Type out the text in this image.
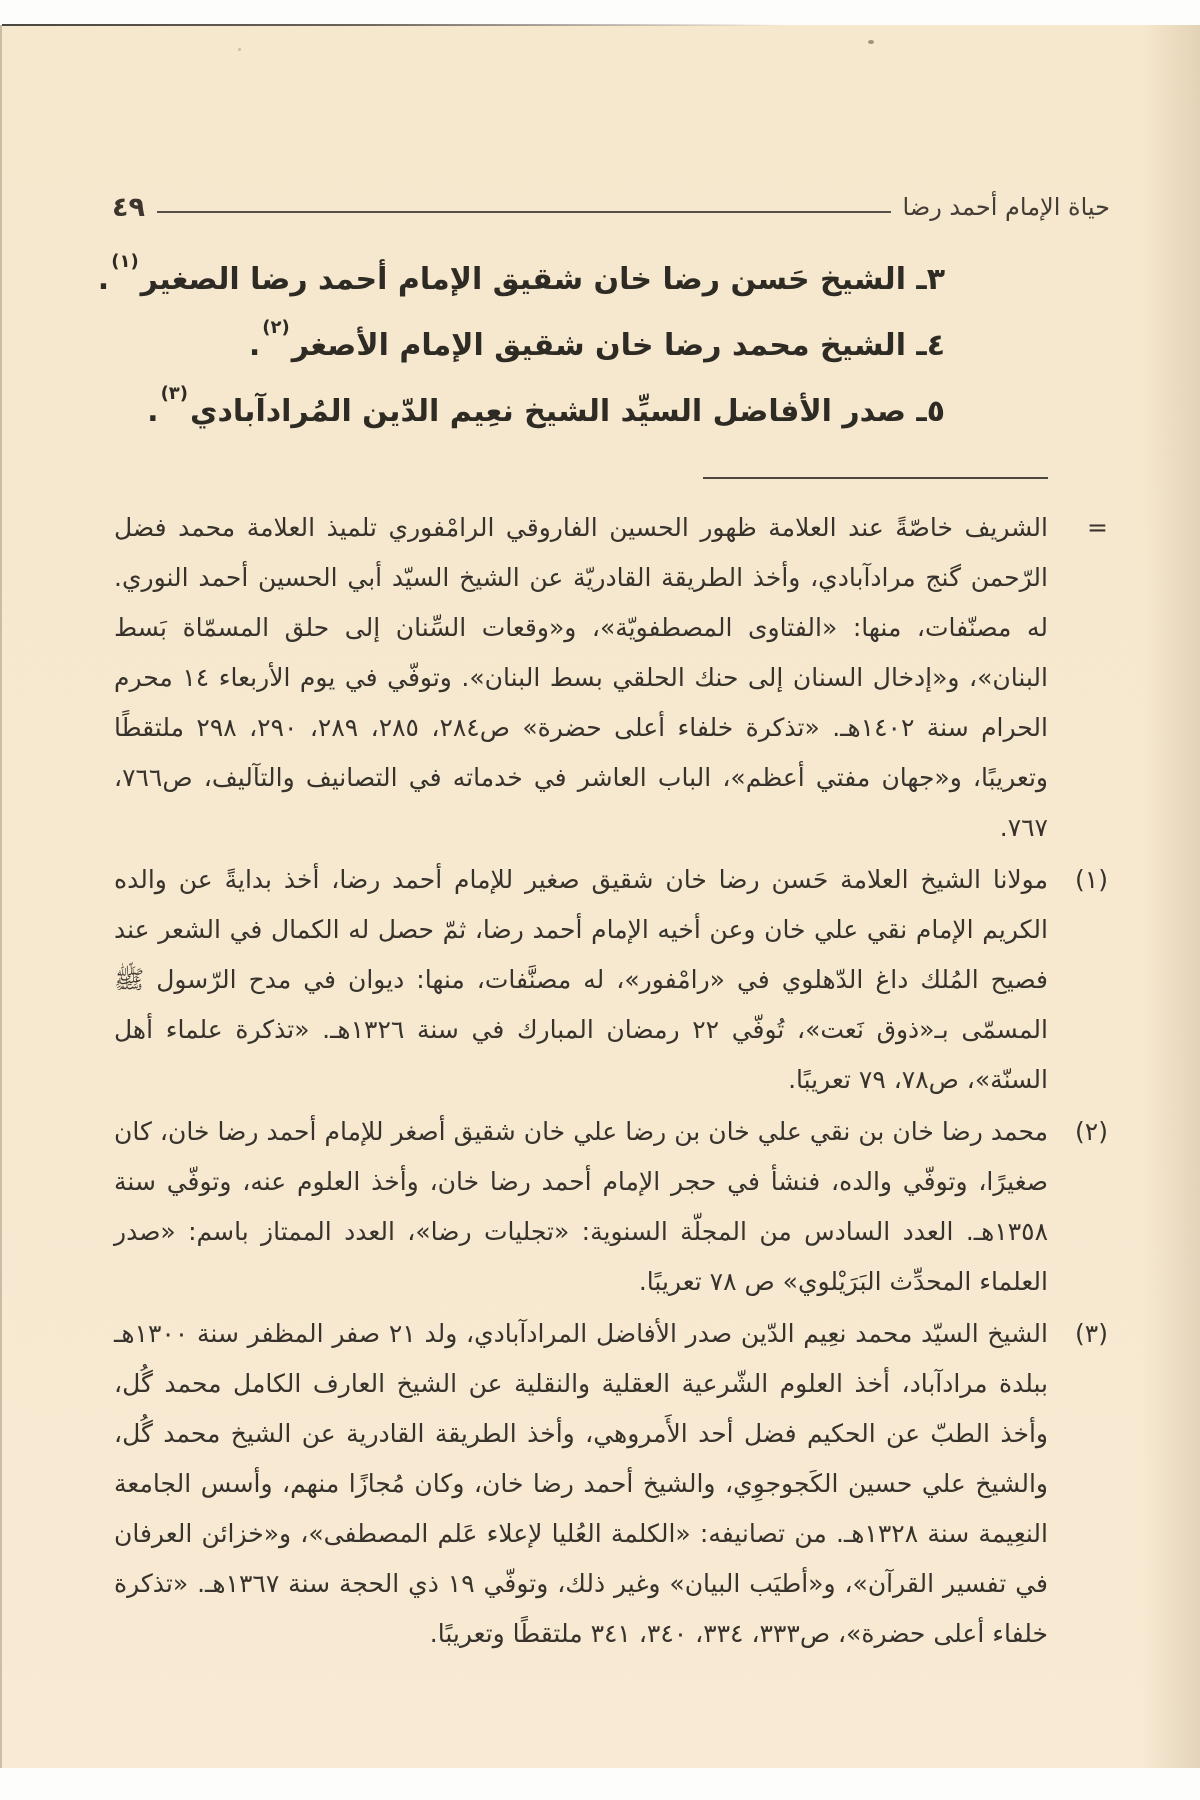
٤٩	حياة الإمام أحمد رضا
٣ـ الشيخ حَسن رضا خان شقيق الإمام أحمد رضا الصغير$^{(١)}$.
٤ـ الشيخ محمد رضا خان شقيق الإمام الأصغر$^{(٢)}$.
٥ـ صدر الأفاضل السيِّد الشيخ نعِيم الدّين المُرادآبادي$^{(٣)}$.

=
الشريف خاصّةً عند العلامة ظهور الحسين الفاروقي الرامْفوري تلميذ العلامة محمد فضل الرّحمن گنج مرادآبادي، وأخذ الطريقة القادريّة عن الشيخ السيّد أبي الحسين أحمد النوري. له مصنّفات، منها: «الفتاوى المصطفويّة»، و«وقعات السِّنان إلى حلق المسمّاة بَسط البنان»، و«إدخال السنان إلى حنك الحلقي بسط البنان». وتوفّي في يوم الأربعاء ١٤ محرم الحرام سنة ١٤٠٢هـ. «تذكرة خلفاء أعلى حضرة» ص٢٨٤، ٢٨٥، ٢٨٩، ٢٩٠، ٢٩٨ ملتقطًا وتعريبًا، و«جهان مفتي أعظم»، الباب العاشر في خدماته في التصانيف والتآليف، ص٧٦٦، ٧٦٧.

(١)
مولانا الشيخ العلامة حَسن رضا خان شقيق صغير للإمام أحمد رضا، أخذ بدايةً عن والده الكريم الإمام نقي علي خان وعن أخيه الإمام أحمد رضا، ثمّ حصل له الكمال في الشعر عند فصيح المُلك داغ الدّهلوي في «رامْفور»، له مصنَّفات، منها: ديوان في مدح الرّسول ﷺ المسمّى بـ«ذوق نَعت»، تُوفّي ٢٢ رمضان المبارك في سنة ١٣٢٦هـ. «تذكرة علماء أهل السنّة»، ص٧٨، ٧٩ تعريبًا.

(٢)
محمد رضا خان بن نقي علي خان بن رضا علي خان شقيق أصغر للإمام أحمد رضا خان، كان صغيرًا، وتوفّي والده، فنشأ في حجر الإمام أحمد رضا خان، وأخذ العلوم عنه، وتوفّي سنة ١٣٥٨هـ. العدد السادس من المجلّة السنوية: «تجليات رضا»، العدد الممتاز باسم: «صدر العلماء المحدِّث البَرَيْلوي» ص ٧٨ تعريبًا.

(٣)
الشيخ السيّد محمد نعِيم الدّين صدر الأفاضل المرادآبادي، ولد ٢١ صفر المظفر سنة ١٣٠٠هـ ببلدة مرادآباد، أخذ العلوم الشّرعية العقلية والنقلية عن الشيخ العارف الكامل محمد گُل، وأخذ الطبّ عن الحكيم فضل أحد الأَمروهي، وأخذ الطريقة القادرية عن الشيخ محمد گُل، والشيخ علي حسين الكَجوجوِي، والشيخ أحمد رضا خان، وكان مُجازًا منهم، وأسس الجامعة النعِيمة سنة ١٣٢٨هـ. من تصانيفه: «الكلمة العُليا لإعلاء عَلم المصطفى»، و«خزائن العرفان في تفسير القرآن»، و«أطيَب البيان» وغير ذلك، وتوفّي ١٩ ذي الحجة سنة ١٣٦٧هـ. «تذكرة خلفاء أعلى حضرة»، ص٣٣٣، ٣٣٤، ٣٤٠، ٣٤١ ملتقطًا وتعريبًا.
